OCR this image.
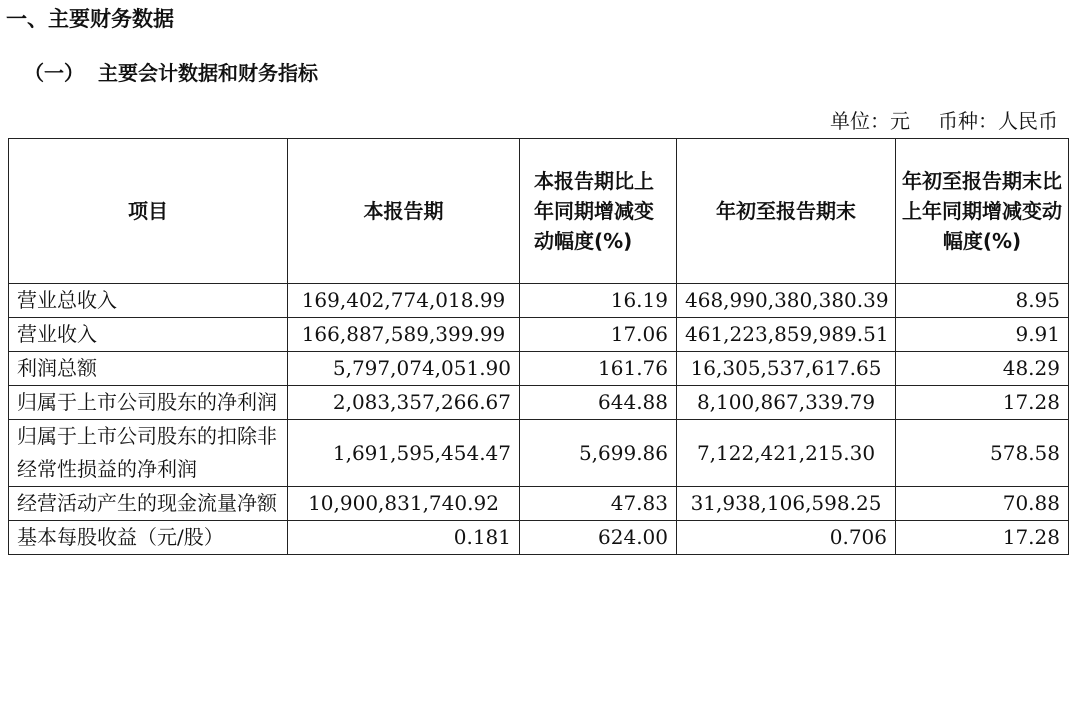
一、主要财务数据
（一） 主要会计数据和财务指标
单位：元 币种：人民币
项目	本报告期	本报告期比上年同期增减变动幅度(%)	年初至报告期末	年初至报告期末比上年同期增减变动幅度(%)

营业总收入	169,402,774,018.99	16.19	468,990,380,380.39	8.95
营业收入	166,887,589,399.99	17.06	461,223,859,989.51	9.91
利润总额	5,797,074,051.90	161.76	16,305,537,617.65	48.29
归属于上市公司股东的净利润	2,083,357,266.67	644.88	8,100,867,339.79	17.28
归属于上市公司股东的扣除非经常性损益的净利润	1,691,595,454.47	5,699.86	7,122,421,215.30	578.58
经营活动产生的现金流量净额	10,900,831,740.92	47.83	31,938,106,598.25	70.88
基本每股收益（元/股）	0.181	624.00	0.706	17.28
